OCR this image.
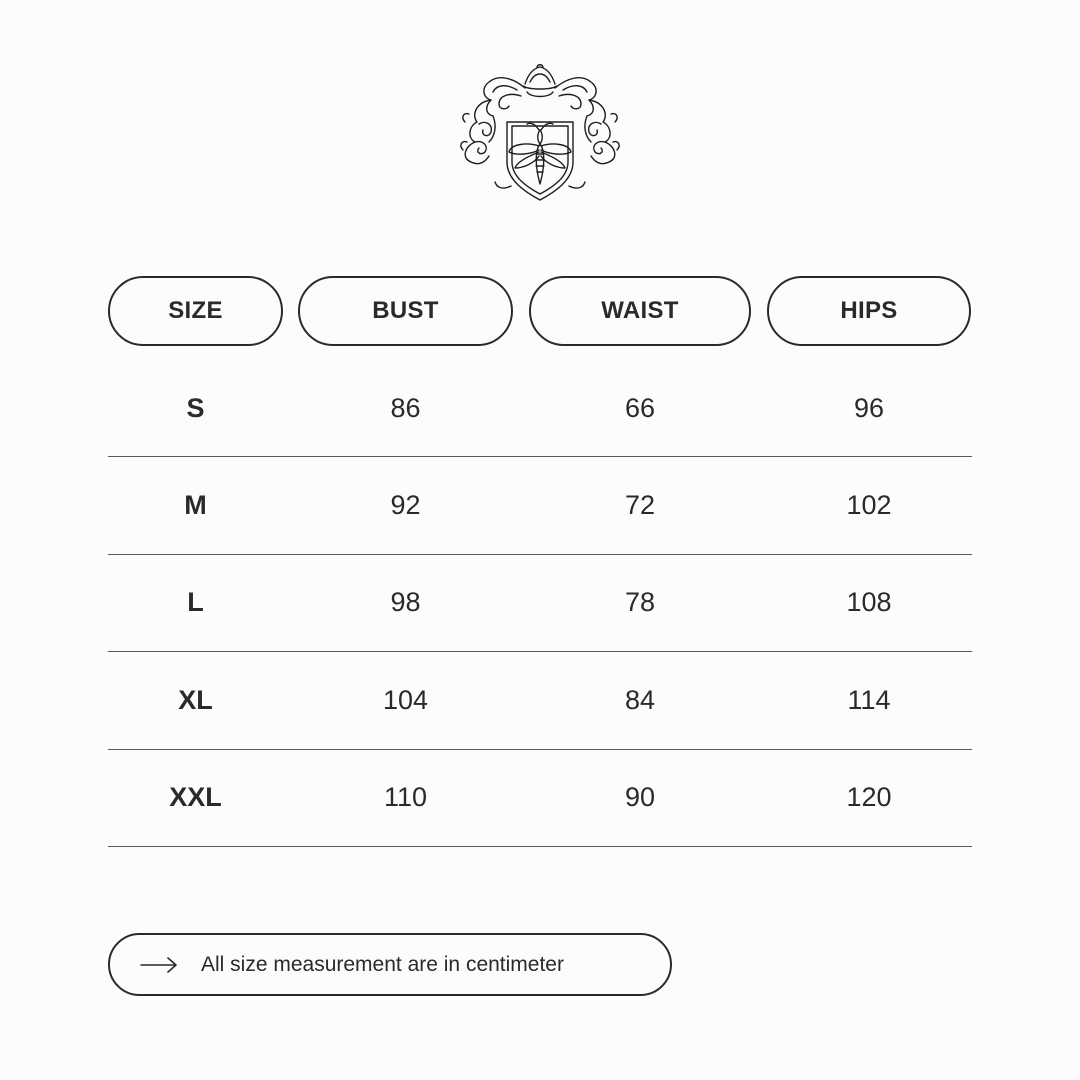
SIZE	BUST	WAIST	HIPS
S	86	66	96
M	92	72	102
L	98	78	108
XL	104	84	114
XXL	110	90	120
All size measurement are in centimeter
